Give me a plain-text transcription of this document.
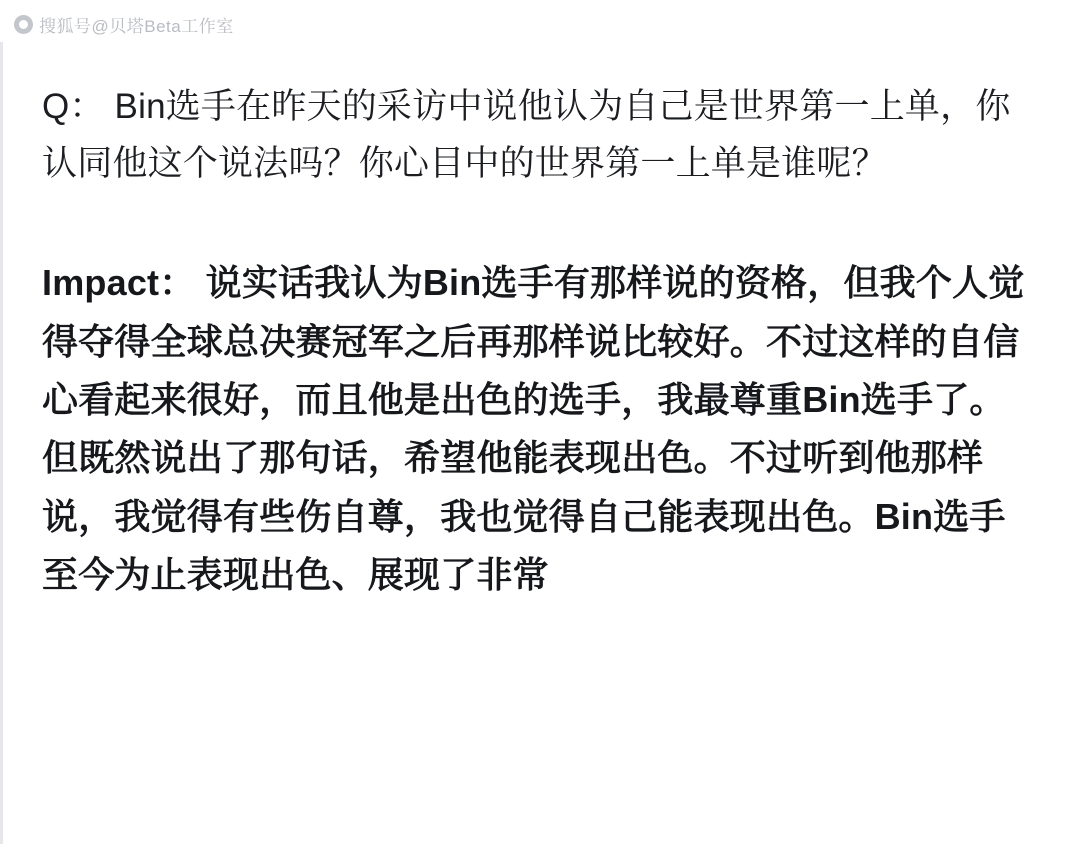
搜狐号@贝塔Beta工作室

Q： Bin选手在昨天的采访中说他认为自己是世界第一上单，你认同他这个说法吗？你心目中的世界第一上单是谁呢？

Impact： 说实话我认为Bin选手有那样说的资格，但我个人觉得夺得全球总决赛冠军之后再那样说比较好。不过这样的自信心看起来很好，而且他是出色的选手，我最尊重Bin选手了。但既然说出了那句话，希望他能表现出色。不过听到他那样说，我觉得有些伤自尊，我也觉得自己能表现出色。Bin选手至今为止表现出色、展现了非常
